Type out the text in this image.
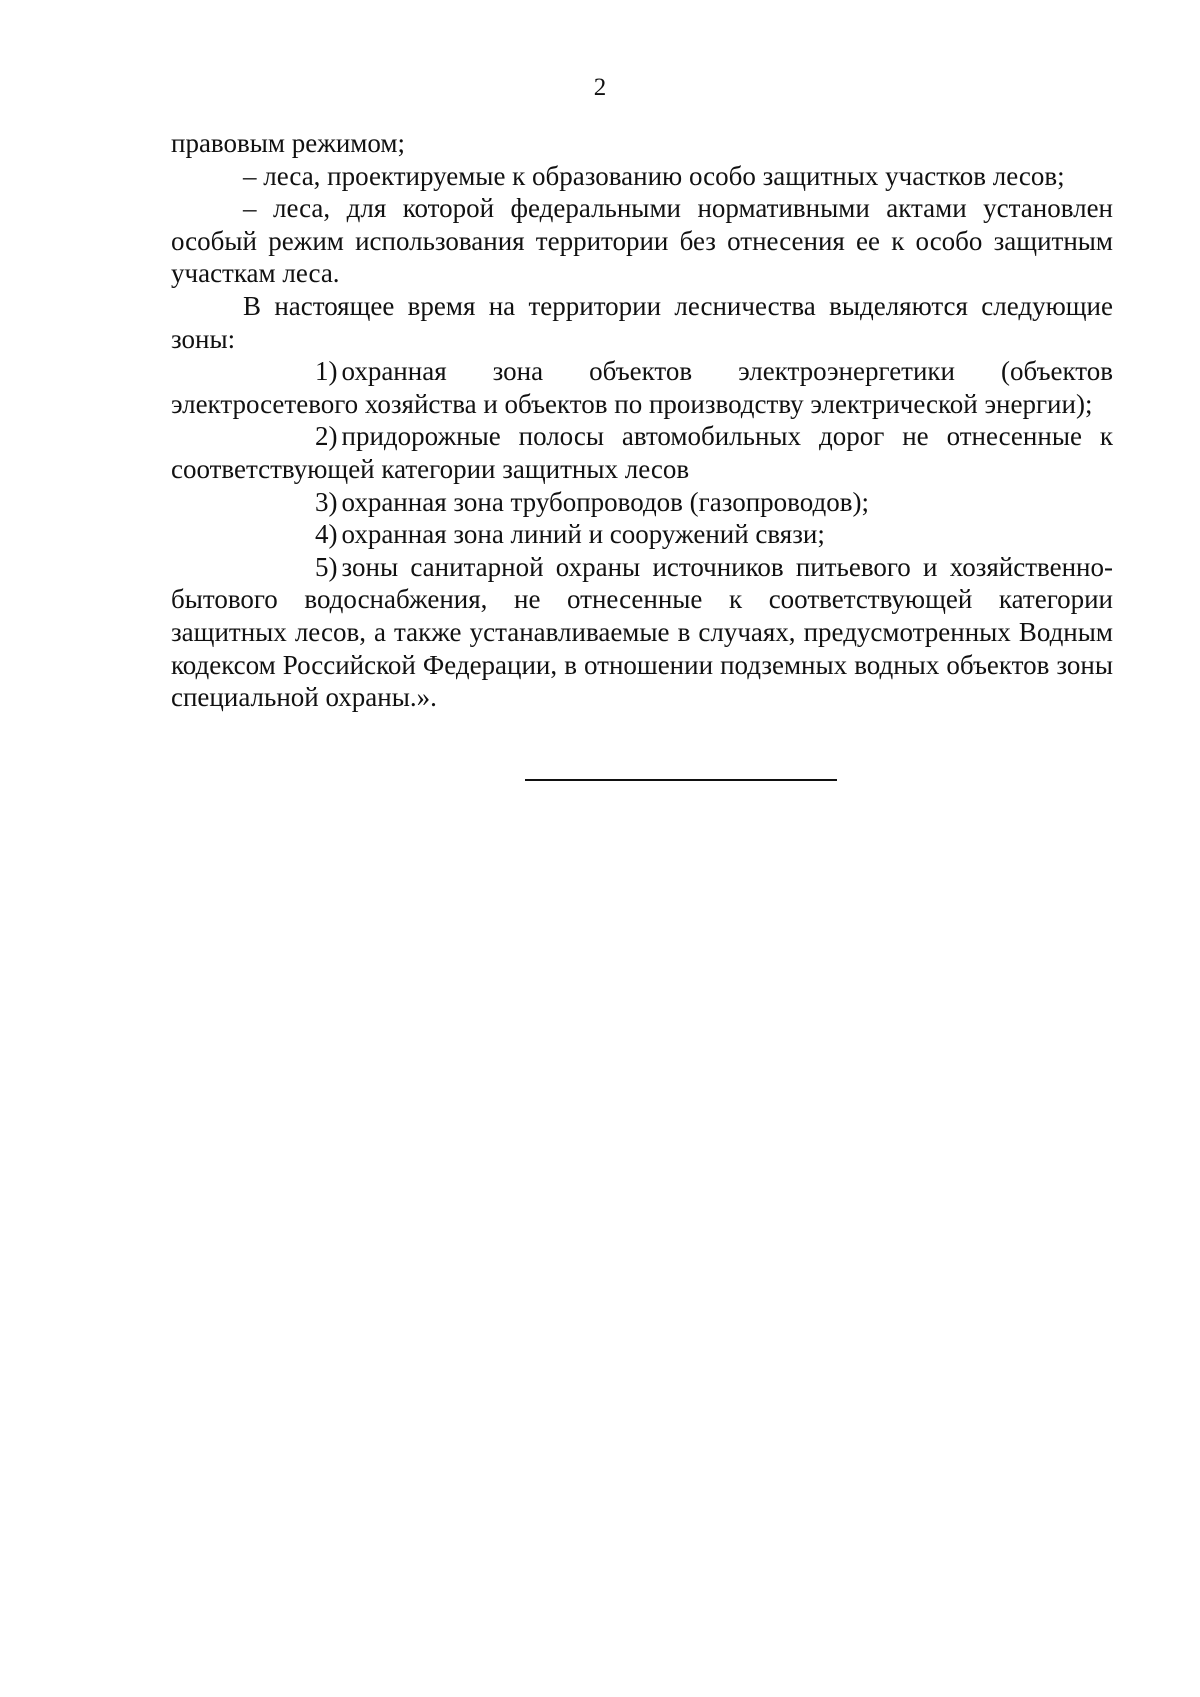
2

правовым режимом;

– леса, проектируемые к образованию особо защитных участков лесов;

– леса, для которой федеральными нормативными актами установлен особый режим использования территории без отнесения ее к особо защитным участкам леса.

В настоящее время на территории лесничества выделяются следующие зоны:

1) охранная зона объектов электроэнергетики (объектов электросетевого хозяйства и объектов по производству электрической энергии);

2) придорожные полосы автомобильных дорог не отнесенные к соответствующей категории защитных лесов

3) охранная зона трубопроводов (газопроводов);

4) охранная зона линий и сооружений связи;

5) зоны санитарной охраны источников питьевого и хозяйственно-бытового водоснабжения, не отнесенные к соответствующей категории защитных лесов, а также устанавливаемые в случаях, предусмотренных Водным кодексом Российской Федерации, в отношении подземных водных объектов зоны специальной охраны.».
